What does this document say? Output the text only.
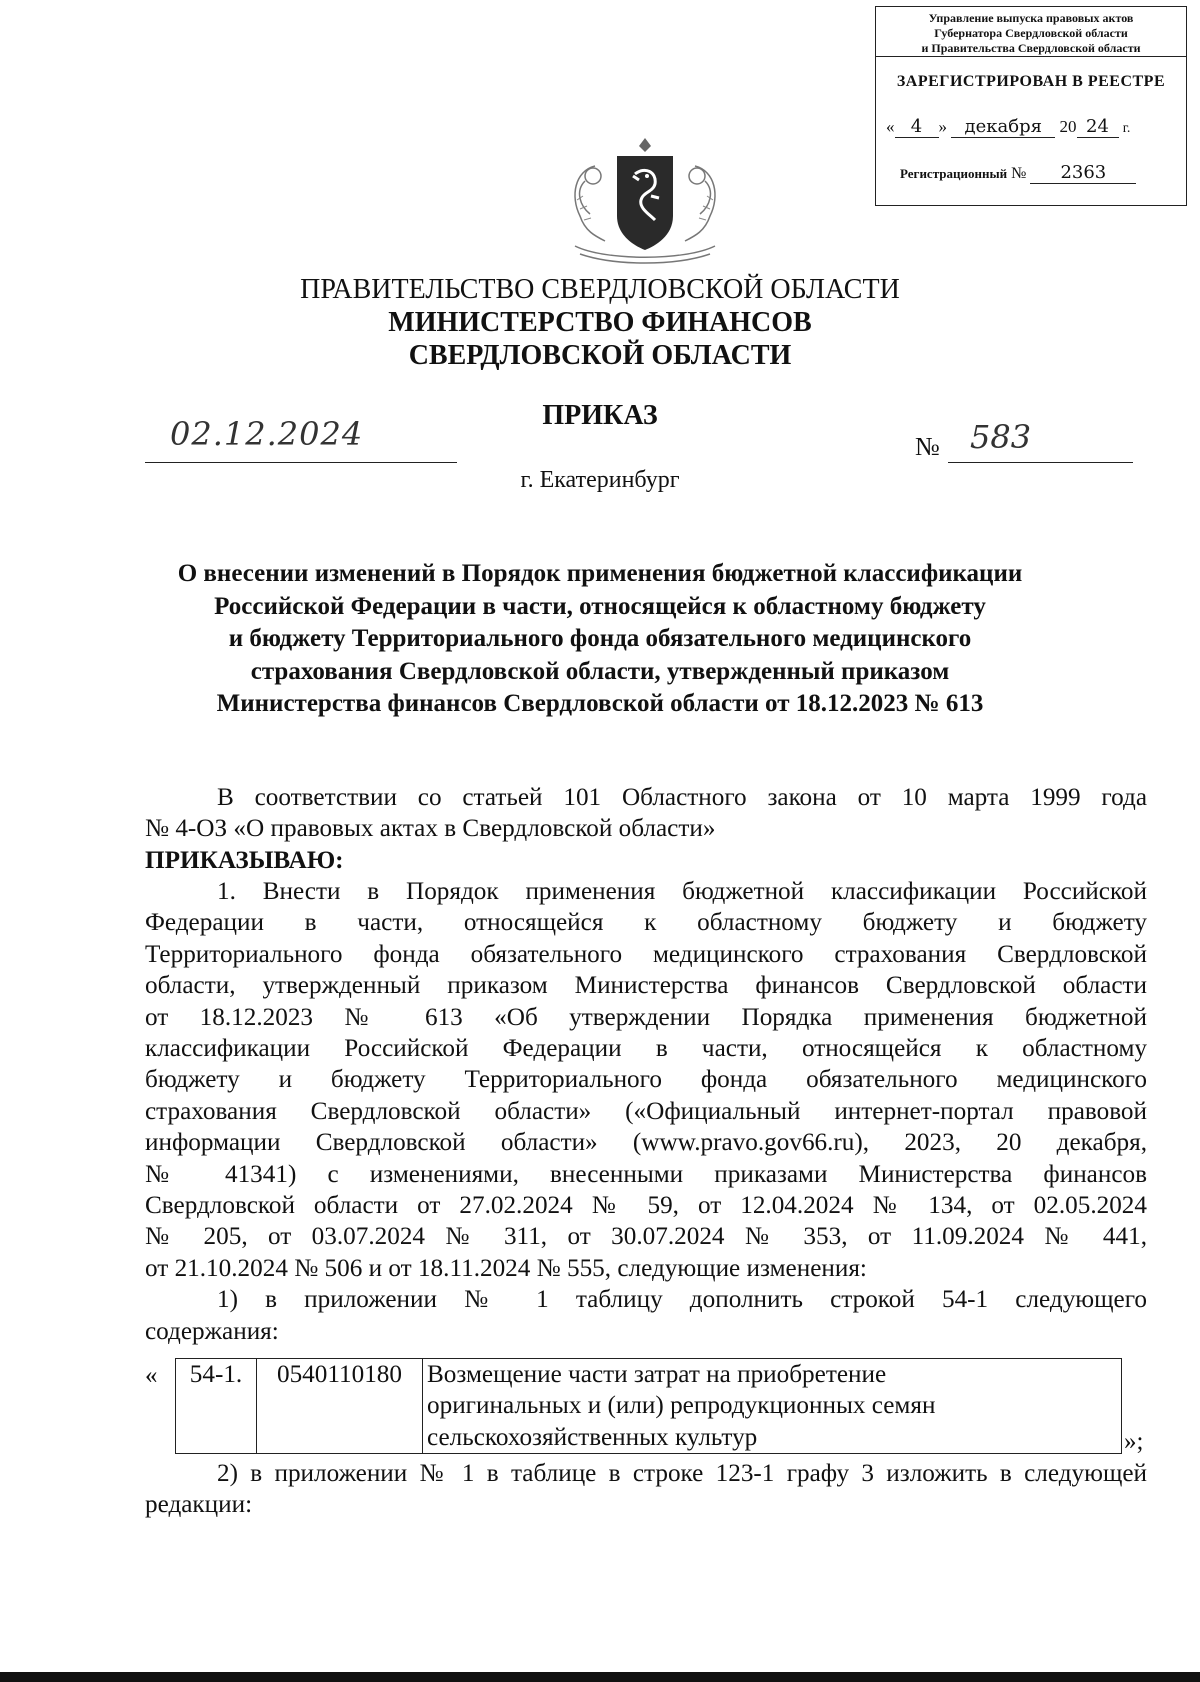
Управление выпуска правовых актов
Губернатора Свердловской области
и Правительства Свердловской области
ЗАРЕГИСТРИРОВАН В РЕЕСТРЕ
« 4 » декабря 20 24 г.
Регистрационный № 2363
ПРАВИТЕЛЬСТВО СВЕРДЛОВСКОЙ ОБЛАСТИ
МИНИСТЕРСТВО ФИНАНСОВ
СВЕРДЛОВСКОЙ ОБЛАСТИ
ПРИКАЗ
02.12.2024	№ 583
г. Екатеринбург
О внесении изменений в Порядок применения бюджетной классификации
Российской Федерации в части, относящейся к областному бюджету
и бюджету Территориального фонда обязательного медицинского
страхования Свердловской области, утвержденный приказом
Министерства финансов Свердловской области от 18.12.2023 № 613
В соответствии со статьей 101 Областного закона от 10 марта 1999 года
№ 4-ОЗ «О правовых актах в Свердловской области»
ПРИКАЗЫВАЮ:
1. Внести в Порядок применения бюджетной классификации Российской
Федерации в части, относящейся к областному бюджету и бюджету
Территориального фонда обязательного медицинского страхования Свердловской
области, утвержденный приказом Министерства финансов Свердловской области
от 18.12.2023 № 613 «Об утверждении Порядка применения бюджетной
классификации Российской Федерации в части, относящейся к областному
бюджету и бюджету Территориального фонда обязательного медицинского
страхования Свердловской области» («Официальный интернет-портал правовой
информации Свердловской области» (www.pravo.gov66.ru), 2023, 20 декабря,
№ 41341) с изменениями, внесенными приказами Министерства финансов
Свердловской области от 27.02.2024 № 59, от 12.04.2024 № 134, от 02.05.2024
№ 205, от 03.07.2024 № 311, от 30.07.2024 № 353, от 11.09.2024 № 441,
от 21.10.2024 № 506 и от 18.11.2024 № 555, следующие изменения:
1) в приложении № 1 таблицу дополнить строкой 54-1 следующего
содержания:
«
	54-1.	0540110180	Возмещение части затрат на приобретение
оригинальных и (или) репродукционных семян
сельскохозяйственных культур	»;
2) в приложении № 1 в таблице в строке 123-1 графу 3 изложить в следующей
редакции:
